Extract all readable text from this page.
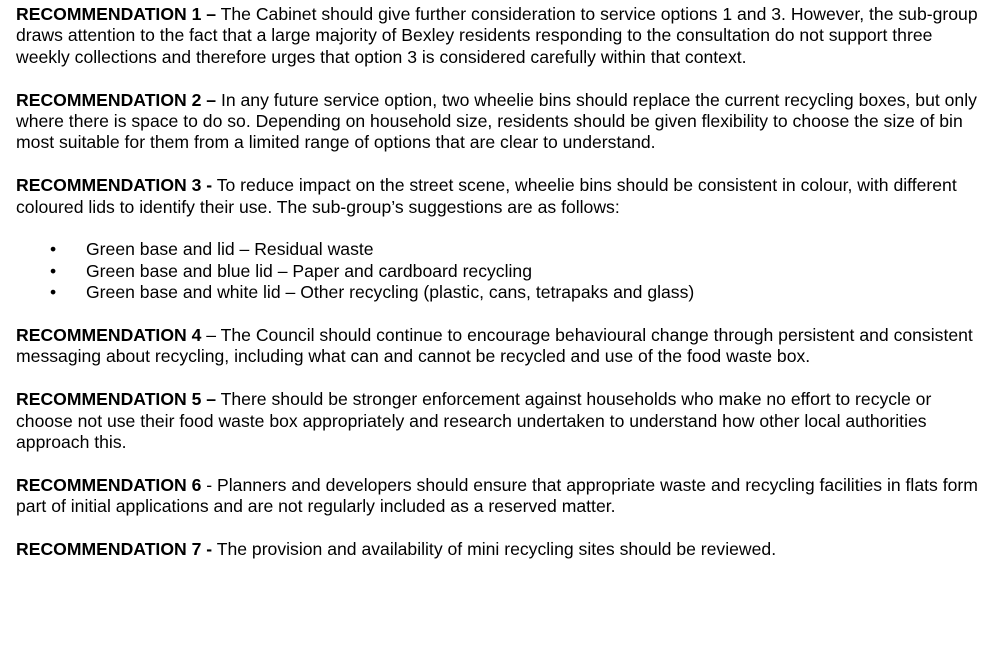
RECOMMENDATION 1 – The Cabinet should give further consideration to service options 1 and 3. However, the sub-group draws attention to the fact that a large majority of Bexley residents responding to the consultation do not support three weekly collections and therefore urges that option 3 is considered carefully within that context.

RECOMMENDATION 2 – In any future service option, two wheelie bins should replace the current recycling boxes, but only where there is space to do so. Depending on household size, residents should be given flexibility to choose the size of bin most suitable for them from a limited range of options that are clear to understand.

RECOMMENDATION 3 - To reduce impact on the street scene, wheelie bins should be consistent in colour, with different coloured lids to identify their use. The sub-group’s suggestions are as follows:

• Green base and lid – Residual waste
• Green base and blue lid – Paper and cardboard recycling
• Green base and white lid – Other recycling (plastic, cans, tetrapaks and glass)

RECOMMENDATION 4 – The Council should continue to encourage behavioural change through persistent and consistent messaging about recycling, including what can and cannot be recycled and use of the food waste box.

RECOMMENDATION 5 – There should be stronger enforcement against households who make no effort to recycle or choose not use their food waste box appropriately and research undertaken to understand how other local authorities approach this.

RECOMMENDATION 6 - Planners and developers should ensure that appropriate waste and recycling facilities in flats form part of initial applications and are not regularly included as a reserved matter.

RECOMMENDATION 7 - The provision and availability of mini recycling sites should be reviewed.
